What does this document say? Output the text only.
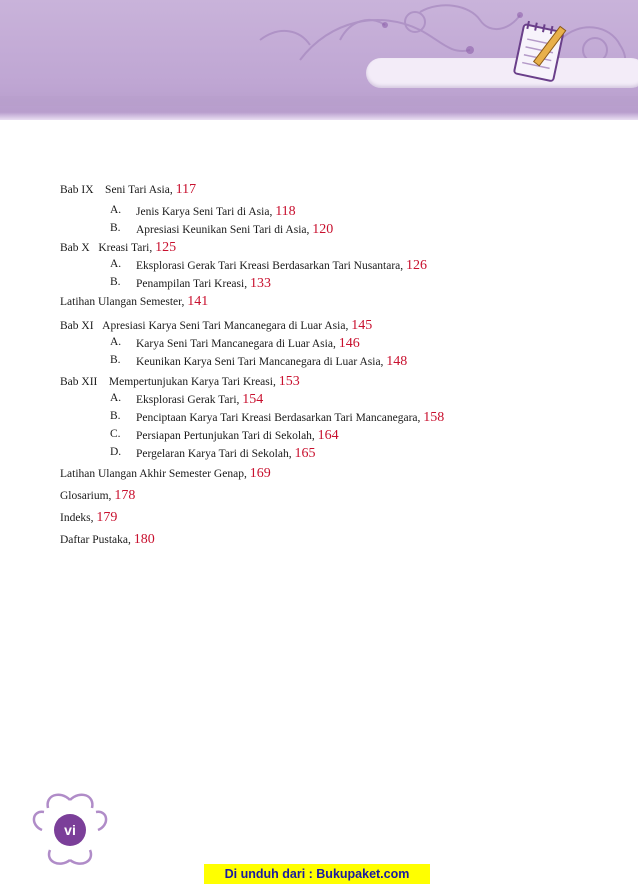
Bab IX Seni Tari Asia, 117
A. Jenis Karya Seni Tari di Asia, 118
B. Apresiasi Keunikan Seni Tari di Asia, 120
Bab X Kreasi Tari, 125
A. Eksplorasi Gerak Tari Kreasi Berdasarkan Tari Nusantara, 126
B. Penampilan Tari Kreasi, 133
Latihan Ulangan Semester, 141
Bab XI Apresiasi Karya Seni Tari Mancanegara di Luar Asia, 145
A. Karya Seni Tari Mancanegara di Luar Asia, 146
B. Keunikan Karya Seni Tari Mancanegara di Luar Asia, 148
Bab XII Mempertunjukan Karya Tari Kreasi, 153
A. Eksplorasi Gerak Tari, 154
B. Penciptaan Karya Tari Kreasi Berdasarkan Tari Mancanegara, 158
C. Persiapan Pertunjukan Tari di Sekolah, 164
D. Pergelaran Karya Tari di Sekolah, 165
Latihan Ulangan Akhir Semester Genap, 169
Glosarium, 178
Indeks, 179
Daftar Pustaka, 180
vi
Di unduh dari : Bukupaket.com
